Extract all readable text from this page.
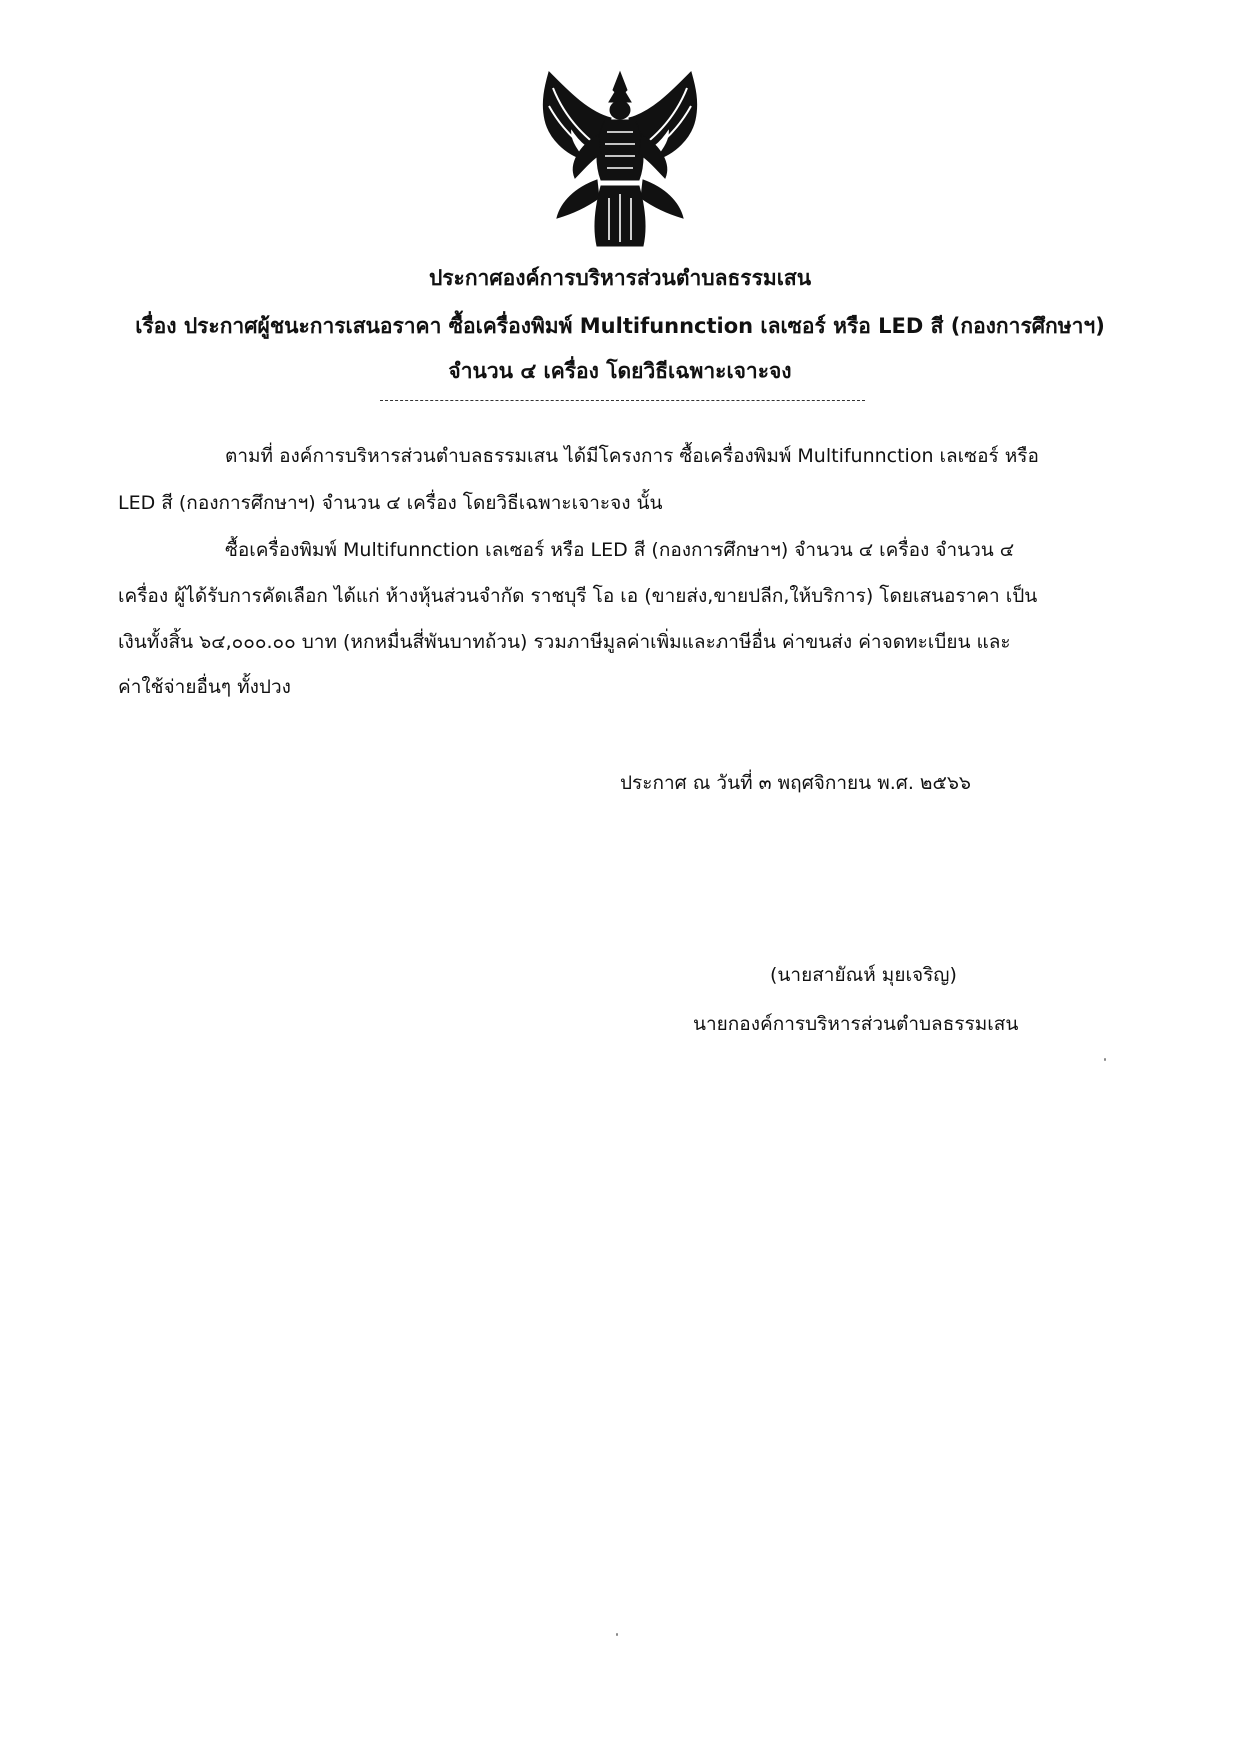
ประกาศองค์การบริหารส่วนตำบลธรรมเสน
เรื่อง ประกาศผู้ชนะการเสนอราคา ซื้อเครื่องพิมพ์ Multifunnction เลเซอร์ หรือ LED สี (กองการศึกษาฯ)
จำนวน ๔ เครื่อง โดยวิธีเฉพาะเจาะจง
ตามที่ องค์การบริหารส่วนตำบลธรรมเสน ได้มีโครงการ ซื้อเครื่องพิมพ์ Multifunnction เลเซอร์ หรือ
LED สี (กองการศึกษาฯ) จำนวน ๔ เครื่อง โดยวิธีเฉพาะเจาะจง นั้น
ซื้อเครื่องพิมพ์ Multifunnction เลเซอร์ หรือ LED สี (กองการศึกษาฯ) จำนวน ๔ เครื่อง จำนวน ๔
เครื่อง ผู้ได้รับการคัดเลือก ได้แก่ ห้างหุ้นส่วนจำกัด ราชบุรี โอ เอ (ขายส่ง,ขายปลีก,ให้บริการ) โดยเสนอราคา เป็น
เงินทั้งสิ้น ๖๔,๐๐๐.๐๐ บาท (หกหมื่นสี่พันบาทถ้วน) รวมภาษีมูลค่าเพิ่มและภาษีอื่น ค่าขนส่ง ค่าจดทะเบียน และ
ค่าใช้จ่ายอื่นๆ ทั้งปวง
ประกาศ ณ วันที่ ๓ พฤศจิกายน พ.ศ. ๒๕๖๖
(นายสายัณห์ มุยเจริญ)
นายกองค์การบริหารส่วนตำบลธรรมเสน
